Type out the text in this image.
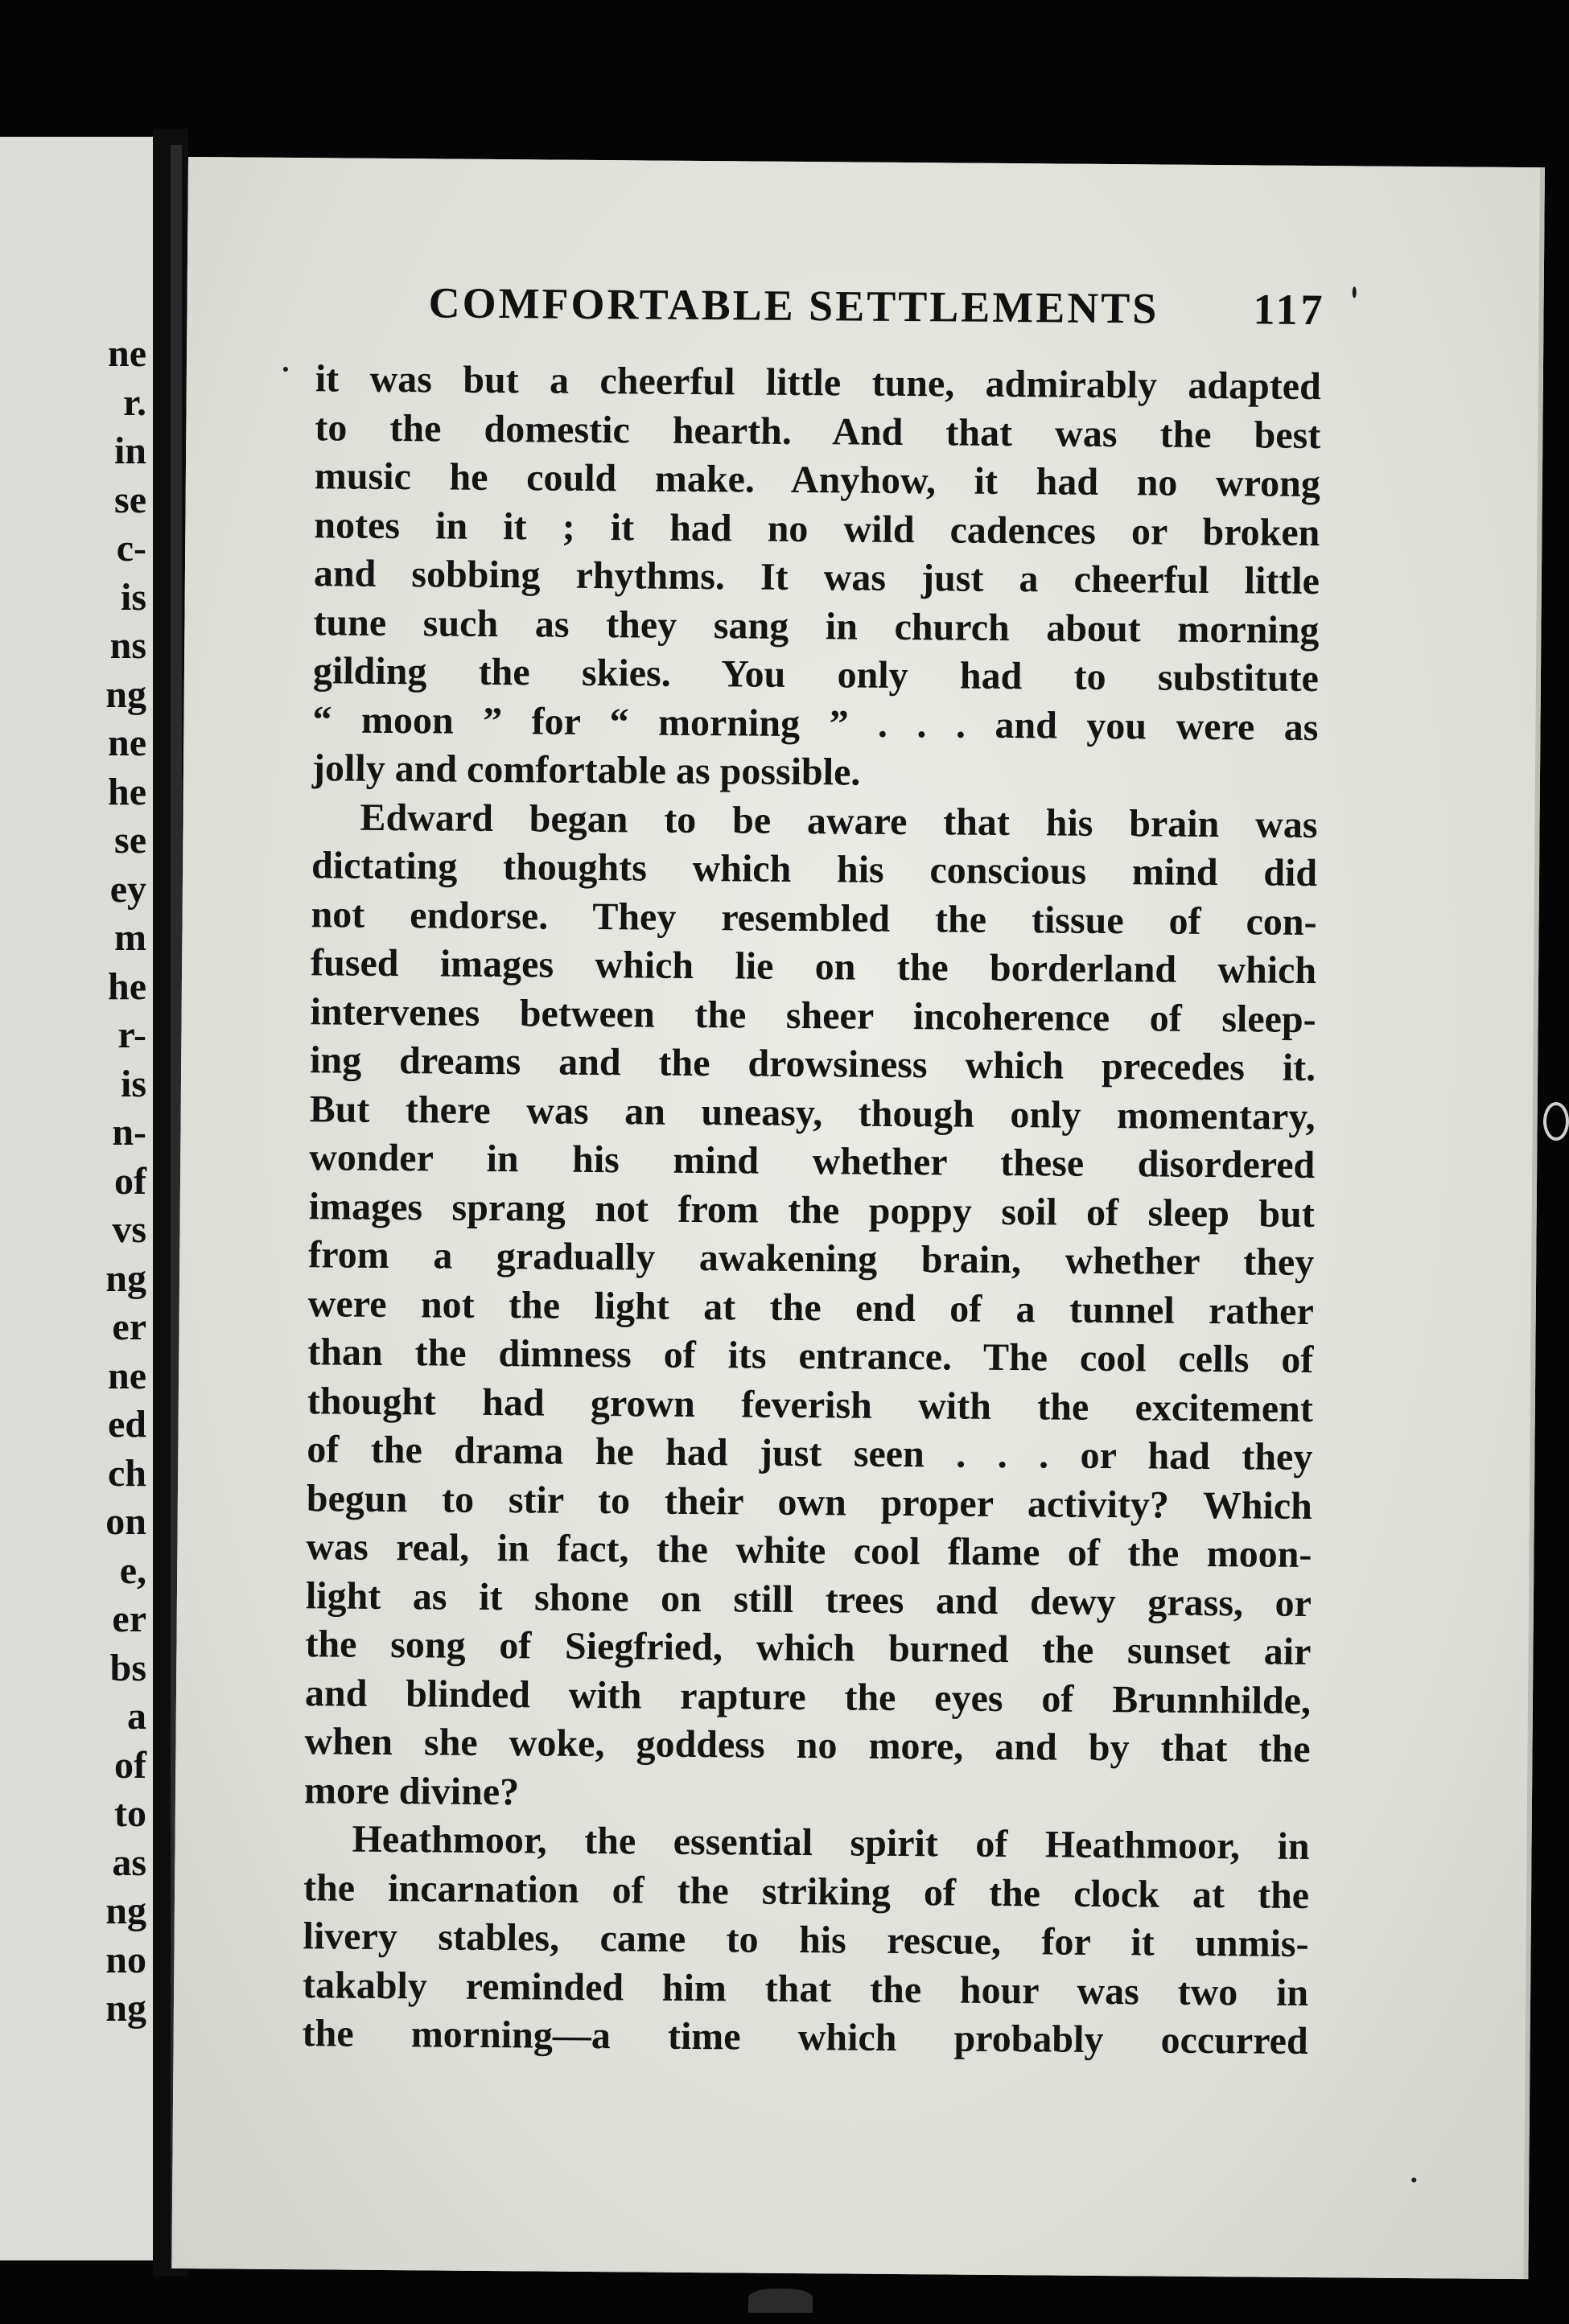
ne
r.
in
se
c-
is
ns
ng
ne
he
se
ey
m
he
r-
is
n-
of
vs
ng
er
ne
ed
ch
on
e,
er
bs
a
of
to
as
ng
no
ng
COMFORTABLE SETTLEMENTS 117
it was but a cheerful little tune, admirably adapted
to the domestic hearth. And that was the best
music he could make. Anyhow, it had no wrong
notes in it ; it had no wild cadences or broken
and sobbing rhythms. It was just a cheerful little
tune such as they sang in church about morning
gilding the skies. You only had to substitute
“ moon ” for “ morning ” . . . and you were as
jolly and comfortable as possible.
Edward began to be aware that his brain was
dictating thoughts which his conscious mind did
not endorse. They resembled the tissue of con-
fused images which lie on the borderland which
intervenes between the sheer incoherence of sleep-
ing dreams and the drowsiness which precedes it.
But there was an uneasy, though only momentary,
wonder in his mind whether these disordered
images sprang not from the poppy soil of sleep but
from a gradually awakening brain, whether they
were not the light at the end of a tunnel rather
than the dimness of its entrance. The cool cells of
thought had grown feverish with the excitement
of the drama he had just seen . . . or had they
begun to stir to their own proper activity? Which
was real, in fact, the white cool flame of the moon-
light as it shone on still trees and dewy grass, or
the song of Siegfried, which burned the sunset air
and blinded with rapture the eyes of Brunnhilde,
when she woke, goddess no more, and by that the
more divine?
Heathmoor, the essential spirit of Heathmoor, in
the incarnation of the striking of the clock at the
livery stables, came to his rescue, for it unmis-
takably reminded him that the hour was two in
the morning—a time which probably occurred
